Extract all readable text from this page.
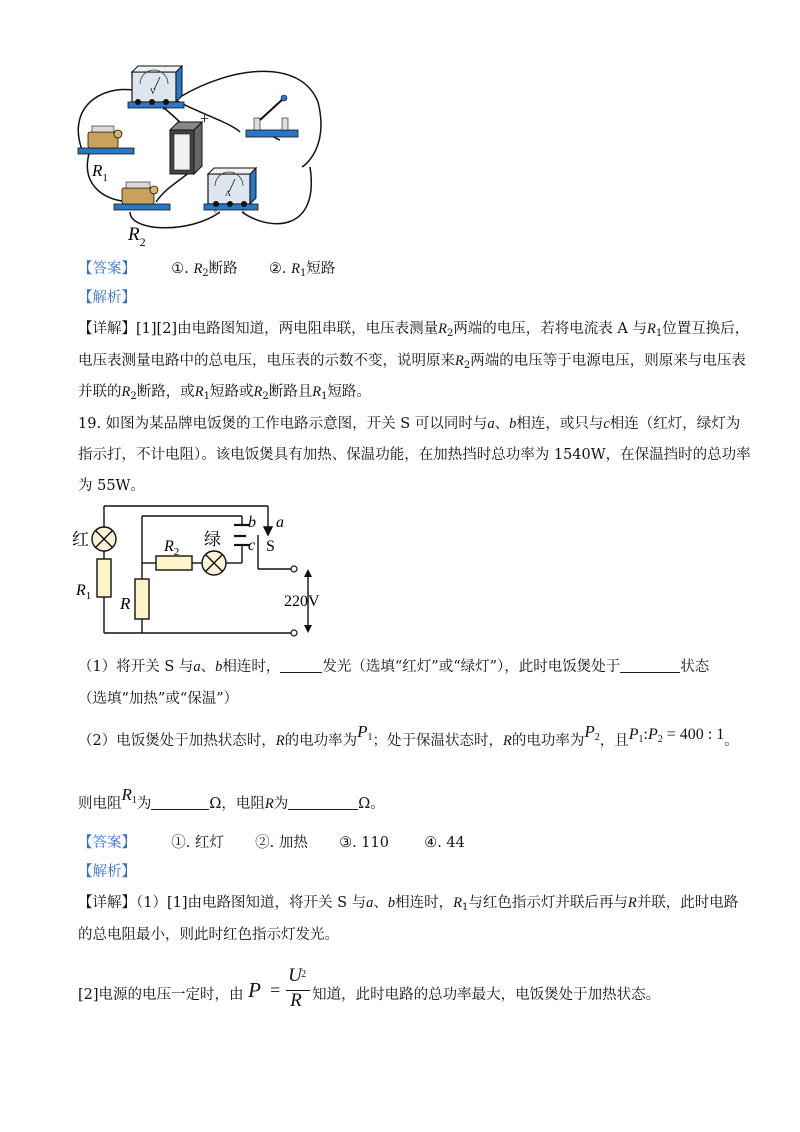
V
15
$R_1$
+
$R_2$
A
0	3
【答案】 ①. $R_2$断路 ②. $R_1$短路
【解析】
【详解】[1][2]由电路图知道，两电阻串联，电压表测量$R_2$两端的电压，若将电流表 A 与$R_1$位置互换后，
电压表测量电路中的总电压，电压表的示数不变，说明原来$R_2$两端的电压等于电源电压，则原来与电压表
并联的$R_2$断路，或$R_1$短路或$R_2$断路且$R_1$短路。
19. 如图为某品牌电饭煲的工作电路示意图，开关 S 可以同时与a、b相连，或只与c相连（红灯，绿灯为
指示打，不计电阻）。该电饭煲具有加热、保温功能，在加热挡时总功率为 1540W，在保温挡时的总功率
为 55W。
红	绿
$R_1$
$R_2$
R
b a
c S
220V
（1）将开关 S 与a、b相连时，	发光（选填“红灯”或“绿灯”），此时电饭煲处于	状态
（选填“加热”或“保温”）
（2）电饭煲处于加热状态时，R的电功率为$P_1$；处于保温状态时，R的电功率为$P_2$，且$P_1:P_2 = 400$ : 1。
则电阻$R_1$为	Ω，电阻R为	Ω。
【答案】 ①. 红灯 ②. 加热 ③. 110 ④. 44
【解析】
【详解】（1）[1]由电路图知道，将开关 S 与a、b相连时，$R_1$与红色指示灯并联后再与R并联，此时电路
的总电阻最小，则此时红色指示灯发光。
[2]电源的电压一定时，由 P =
U 2
R 知道，此时电路的总功率最大，电饭煲处于加热状态。
